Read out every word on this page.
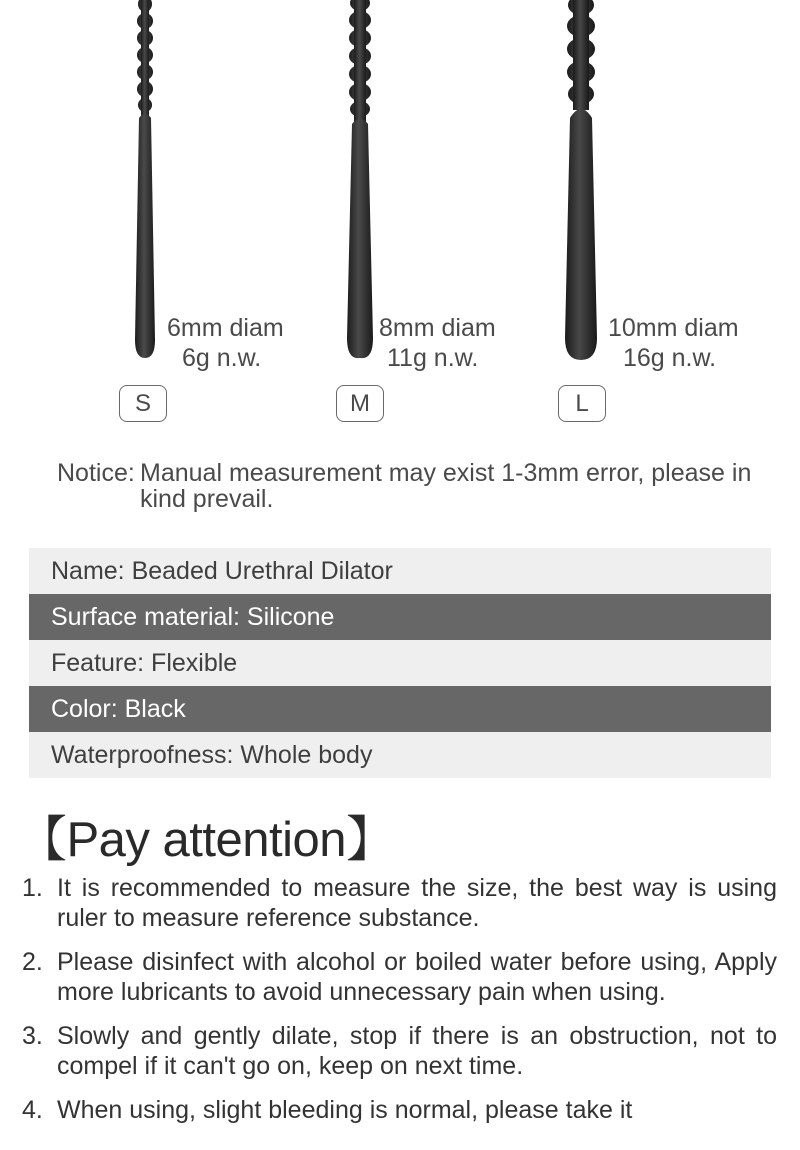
6mm diam
6g n.w.
8mm diam
11g n.w.
10mm diam
16g n.w.
S	M	L
Notice: Manual measurement may exist 1-3mm error, please in kind prevail.
Name: Beaded Urethral Dilator
Surface material: Silicone
Feature: Flexible
Color: Black
Waterproofness: Whole body
【Pay attention】
1. It is recommended to measure the size, the best way is using ruler to measure reference substance.
2. Please disinfect with alcohol or boiled water before using, Apply more lubricants to avoid unnecessary pain when using.
3. Slowly and gently dilate, stop if there is an obstruction, not to compel if it can't go on, keep on next time.
4. When using, slight bleeding is normal, please take it
